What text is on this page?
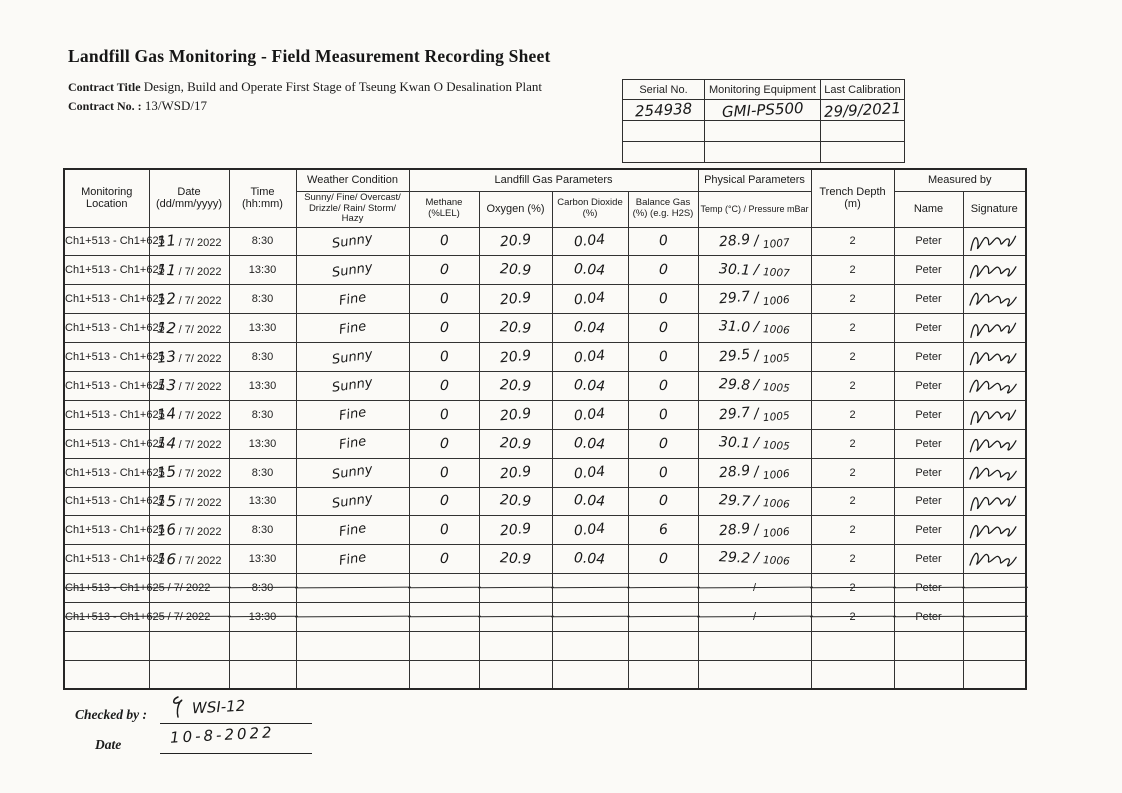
Landfill Gas Monitoring - Field Measurement Recording Sheet
Contract Title Design, Build and Operate First Stage of Tseung Kwan O Desalination Plant
Contract No. : 13/WSD/17
Serial No.	Monitoring Equipment	Last Calibration
254938	GMI-PS500	29/9/2021

Monitoring Location	Date (dd/mm/yyyy)	Time (hh:mm)	Weather Condition	Landfill Gas Parameters				Physical Parameters	Trench Depth (m)	Measured by	
			Sunny/ Fine/ Overcast/ Drizzle/ Rain/ Storm/ Hazy	Methane (%LEL)	Oxygen (%)	Carbon Dioxide (%)	Balance Gas (%) (e.g. H2S)	Temp (°C) / Pressure mBar		Name	Signature
Ch1+513 - Ch1+625	11 / 7/ 2022	8:30	Sunny	0	20.9	0.04	0	28.9 / 1007	2	Peter	

Ch1+513 - Ch1+625	11 / 7/ 2022	13:30	Sunny	0	20.9	0.04	0	30.1 / 1007	2	Peter	

Ch1+513 - Ch1+625	12 / 7/ 2022	8:30	Fine	0	20.9	0.04	0	29.7 / 1006	2	Peter	

Ch1+513 - Ch1+625	12 / 7/ 2022	13:30	Fine	0	20.9	0.04	0	31.0 / 1006	2	Peter	

Ch1+513 - Ch1+625	13 / 7/ 2022	8:30	Sunny	0	20.9	0.04	0	29.5 / 1005	2	Peter	

Ch1+513 - Ch1+625	13 / 7/ 2022	13:30	Sunny	0	20.9	0.04	0	29.8 / 1005	2	Peter	

Ch1+513 - Ch1+625	14 / 7/ 2022	8:30	Fine	0	20.9	0.04	0	29.7 / 1005	2	Peter	

Ch1+513 - Ch1+625	14 / 7/ 2022	13:30	Fine	0	20.9	0.04	0	30.1 / 1005	2	Peter	

Ch1+513 - Ch1+625	15 / 7/ 2022	8:30	Sunny	0	20.9	0.04	0	28.9 / 1006	2	Peter	

Ch1+513 - Ch1+625	15 / 7/ 2022	13:30	Sunny	0	20.9	0.04	0	29.7 / 1006	2	Peter	

Ch1+513 - Ch1+625	16 / 7/ 2022	8:30	Fine	0	20.9	0.04	6	28.9 / 1006	2	Peter	

Ch1+513 - Ch1+625	16 / 7/ 2022	13:30	Fine	0	20.9	0.04	0	29.2 / 1006	2	Peter	

Ch1+513 - Ch1+625	/ 7/ 2022	8:30						/	2	Peter	
Ch1+513 - Ch1+625	/ 7/ 2022	13:30						/	2	Peter	

Checked by :	WSI-12
Date	10-8-2022
